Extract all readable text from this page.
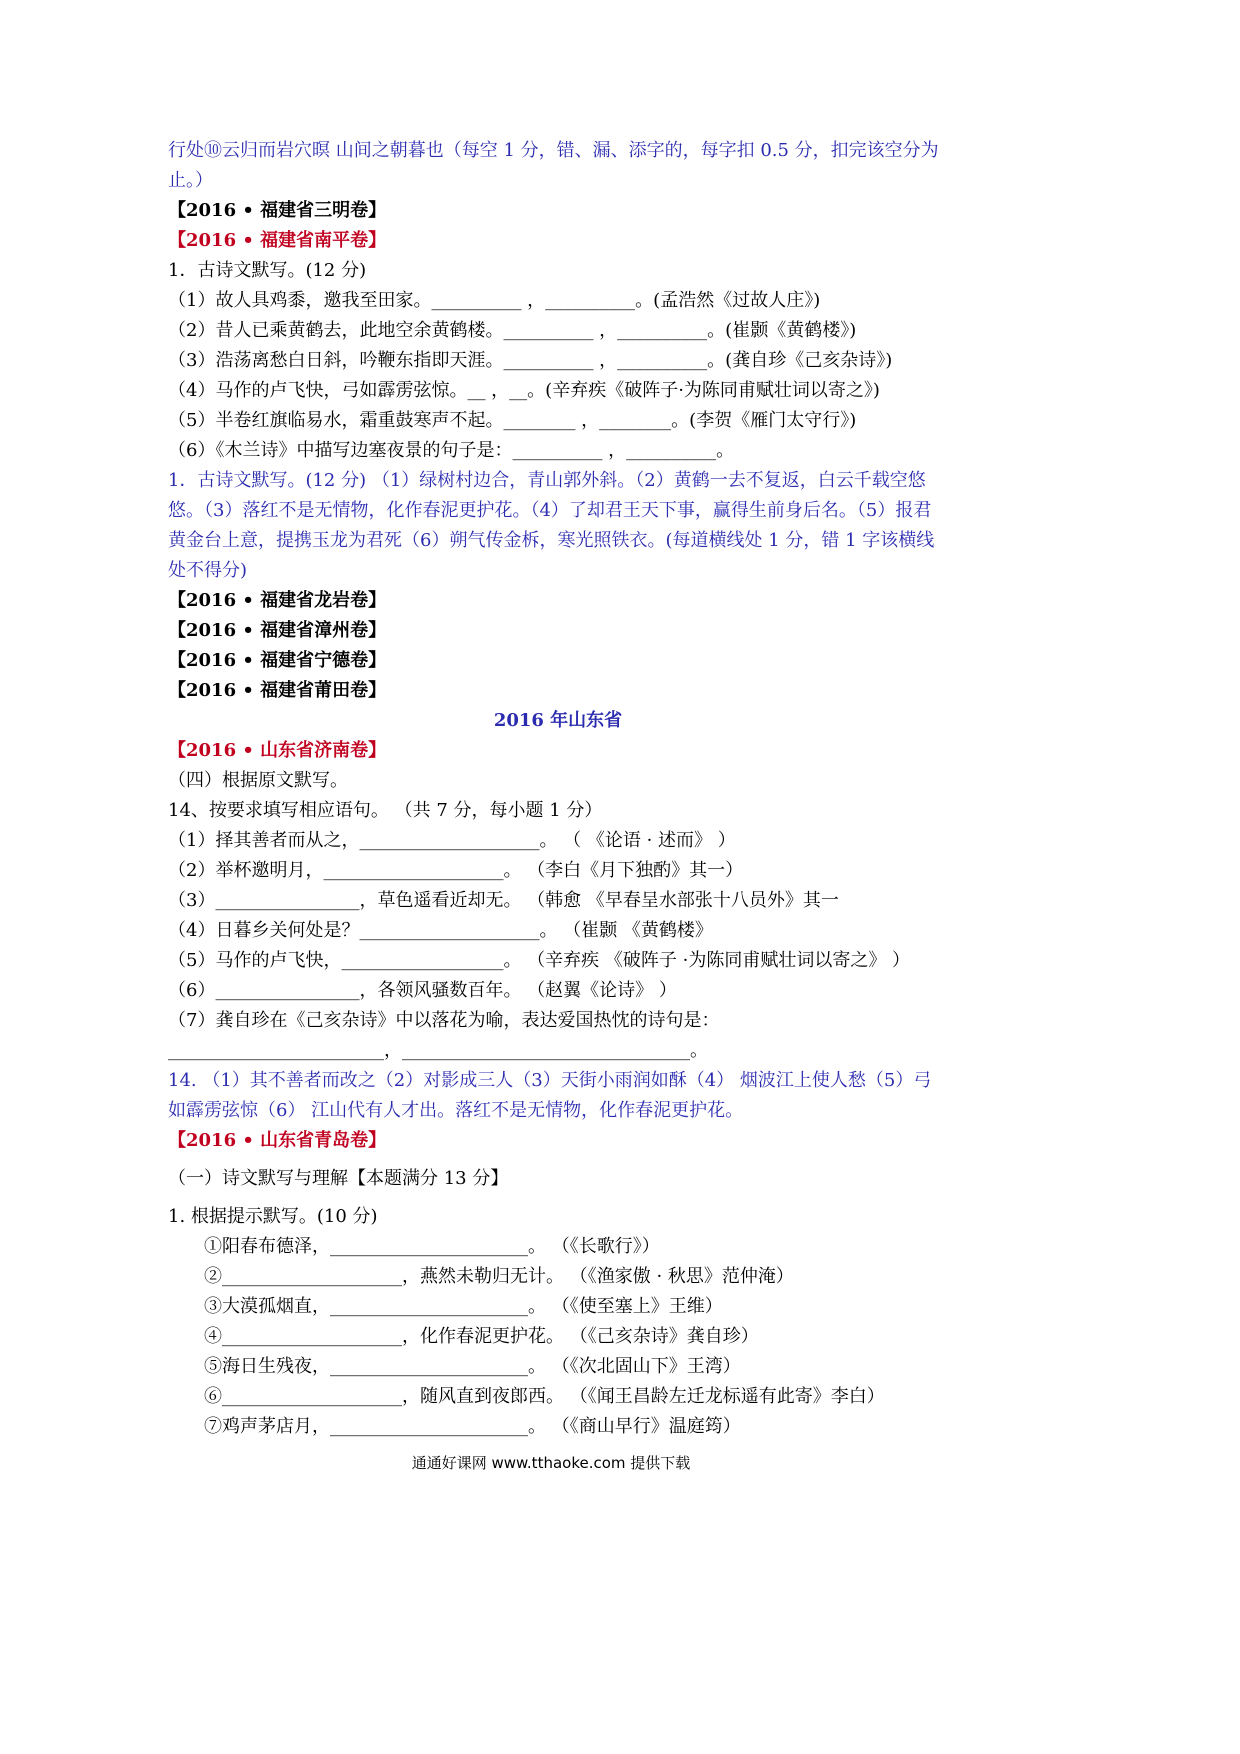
行处⑩云归而岩穴暝 山间之朝暮也（每空 1 分，错、漏、添字的，每字扣 0.5 分，扣完该空分为止。）
【2016 • 福建省三明卷】
【2016 • 福建省南平卷】
1．古诗文默写。(12 分)
（1）故人具鸡黍，邀我至田家。__________ ，__________。(孟浩然《过故人庄》)
（2）昔人已乘黄鹤去，此地空余黄鹤楼。__________ ，__________。(崔颢《黄鹤楼》)
（3）浩荡离愁白日斜，吟鞭东指即天涯。__________ ，__________。(龚自珍《己亥杂诗》)
（4）马作的卢飞快，弓如霹雳弦惊。__ ，__。(辛弃疾《破阵子·为陈同甫赋壮词以寄之》)
（5）半卷红旗临易水，霜重鼓寒声不起。________ ，________。(李贺《雁门太守行》)
（6）《木兰诗》中描写边塞夜景的句子是：__________ ，__________。
1．古诗文默写。(12 分) （1）绿树村边合，青山郭外斜。（2）黄鹤一去不复返，白云千载空悠悠。（3）落红不是无情物，化作春泥更护花。（4）了却君王天下事，赢得生前身后名。（5）报君黄金台上意，提携玉龙为君死（6）朔气传金柝，寒光照铁衣。(每道横线处 1 分，错 1 字该横线处不得分)
【2016 • 福建省龙岩卷】
【2016 • 福建省漳州卷】
【2016 • 福建省宁德卷】
【2016 • 福建省莆田卷】
2016 年山东省
【2016 • 山东省济南卷】
（四）根据原文默写。
14、按要求填写相应语句。 （共 7 分，每小题 1 分）
（1）择其善者而从之，____________________。 （ 《论语 · 述而》 ）
（2）举杯邀明月，____________________。 （李白《月下独酌》其一）
（3）________________，草色遥看近却无。 （韩愈 《早春呈水部张十八员外》其一
（4）日暮乡关何处是？____________________。 （崔颢 《黄鹤楼》
（5）马作的卢飞快，__________________。 （辛弃疾 《破阵子 ·为陈同甫赋壮词以寄之》 ）
（6）________________，各领风骚数百年。 （赵翼《论诗》 ）
（7）龚自珍在《己亥杂诗》中以落花为喻，表达爱国热忱的诗句是：
________________________，________________________________。
14. （1）其不善者而改之（2）对影成三人（3）天街小雨润如酥（4） 烟波江上使人愁（5）弓如霹雳弦惊（6） 江山代有人才出。落红不是无情物，化作春泥更护花。
【2016 • 山东省青岛卷】
（一）诗文默写与理解【本题满分 13 分】
1. 根据提示默写。(10 分)
①阳春布德泽，______________________。 （《长歌行》）
②____________________，燕然未勒归无计。 （《渔家傲 · 秋思》范仲淹）
③大漠孤烟直，______________________。 （《使至塞上》王维）
④____________________，化作春泥更护花。 （《己亥杂诗》龚自珍）
⑤海日生残夜，______________________。 （《次北固山下》王湾）
⑥____________________，随风直到夜郎西。 （《闻王昌龄左迁龙标遥有此寄》李白）
⑦鸡声茅店月，______________________。 （《商山早行》温庭筠）
通通好课网 www.tthaoke.com 提供下载
